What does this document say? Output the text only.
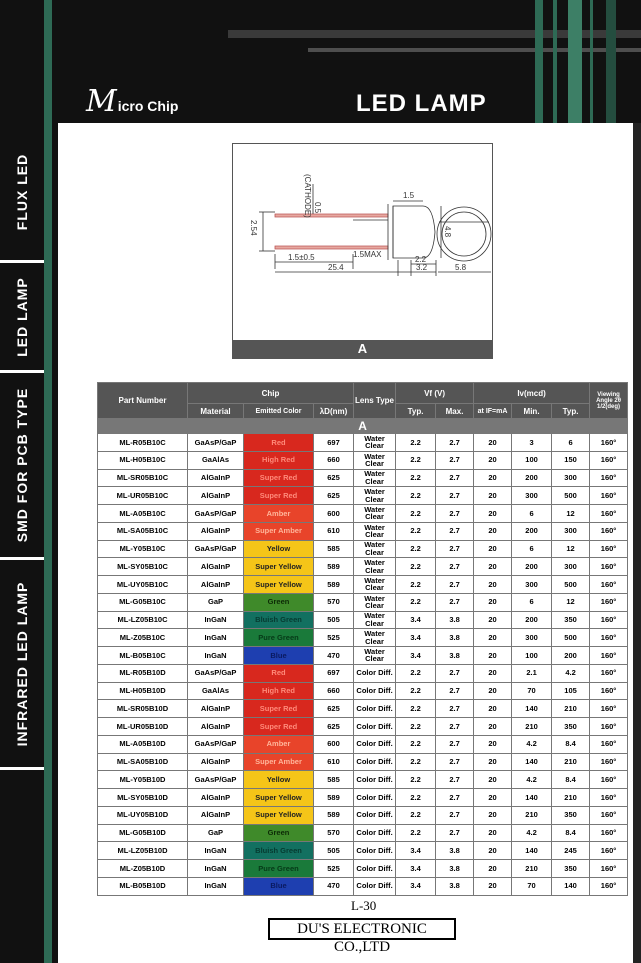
FLUX LED
LED LAMP
SMD FOR PCB TYPE
INFRARED LED LAMP
Micro Chip	LED LAMP
0.5
(CATHODE)
2.54
1.5
4.8
1.5±0.5	1.5MAX
2.2
25.4	3.2	5.8
A
Part Number	Chip			Lens Type	Vf (V)		Iv(mcd)			Viewing Angle 2θ 1/2(deg)
	Material	Emitted Color	λD(nm)		Typ.	Max.	at IF=mA	Min.	Typ.	
A										
ML-R05B10C	GaAsP/GaP	Red	697	Water Clear	2.2	2.7	20	3	6	160°
ML-H05B10C	GaAlAs	High Red	660	Water Clear	2.2	2.7	20	100	150	160°
ML-SR05B10C	AlGaInP	Super Red	625	Water Clear	2.2	2.7	20	200	300	160°
ML-UR05B10C	AlGaInP	Super Red	625	Water Clear	2.2	2.7	20	300	500	160°
ML-A05B10C	GaAsP/GaP	Amber	600	Water Clear	2.2	2.7	20	6	12	160°
ML-SA05B10C	AlGaInP	Super Amber	610	Water Clear	2.2	2.7	20	200	300	160°
ML-Y05B10C	GaAsP/GaP	Yellow	585	Water Clear	2.2	2.7	20	6	12	160°
ML-SY05B10C	AlGaInP	Super Yellow	589	Water Clear	2.2	2.7	20	200	300	160°
ML-UY05B10C	AlGaInP	Super Yellow	589	Water Clear	2.2	2.7	20	300	500	160°
ML-G05B10C	GaP	Green	570	Water Clear	2.2	2.7	20	6	12	160°
ML-LZ05B10C	InGaN	Bluish Green	505	Water Clear	3.4	3.8	20	200	350	160°
ML-Z05B10C	InGaN	Pure Green	525	Water Clear	3.4	3.8	20	300	500	160°
ML-B05B10C	InGaN	Blue	470	Water Clear	3.4	3.8	20	100	200	160°
ML-R05B10D	GaAsP/GaP	Red	697	Color Diff.	2.2	2.7	20	2.1	4.2	160°
ML-H05B10D	GaAlAs	High Red	660	Color Diff.	2.2	2.7	20	70	105	160°
ML-SR05B10D	AlGaInP	Super Red	625	Color Diff.	2.2	2.7	20	140	210	160°
ML-UR05B10D	AlGaInP	Super Red	625	Color Diff.	2.2	2.7	20	210	350	160°
ML-A05B10D	GaAsP/GaP	Amber	600	Color Diff.	2.2	2.7	20	4.2	8.4	160°
ML-SA05B10D	AlGaInP	Super Amber	610	Color Diff.	2.2	2.7	20	140	210	160°
ML-Y05B10D	GaAsP/GaP	Yellow	585	Color Diff.	2.2	2.7	20	4.2	8.4	160°
ML-SY05B10D	AlGaInP	Super Yellow	589	Color Diff.	2.2	2.7	20	140	210	160°
ML-UY05B10D	AlGaInP	Super Yellow	589	Color Diff.	2.2	2.7	20	210	350	160°
ML-G05B10D	GaP	Green	570	Color Diff.	2.2	2.7	20	4.2	8.4	160°
ML-LZ05B10D	InGaN	Bluish Green	505	Color Diff.	3.4	3.8	20	140	245	160°
ML-Z05B10D	InGaN	Pure Green	525	Color Diff.	3.4	3.8	20	210	350	160°
ML-B05B10D	InGaN	Blue	470	Color Diff.	3.4	3.8	20	70	140	160°
L-30
DU'S ELECTRONIC CO.,LTD
